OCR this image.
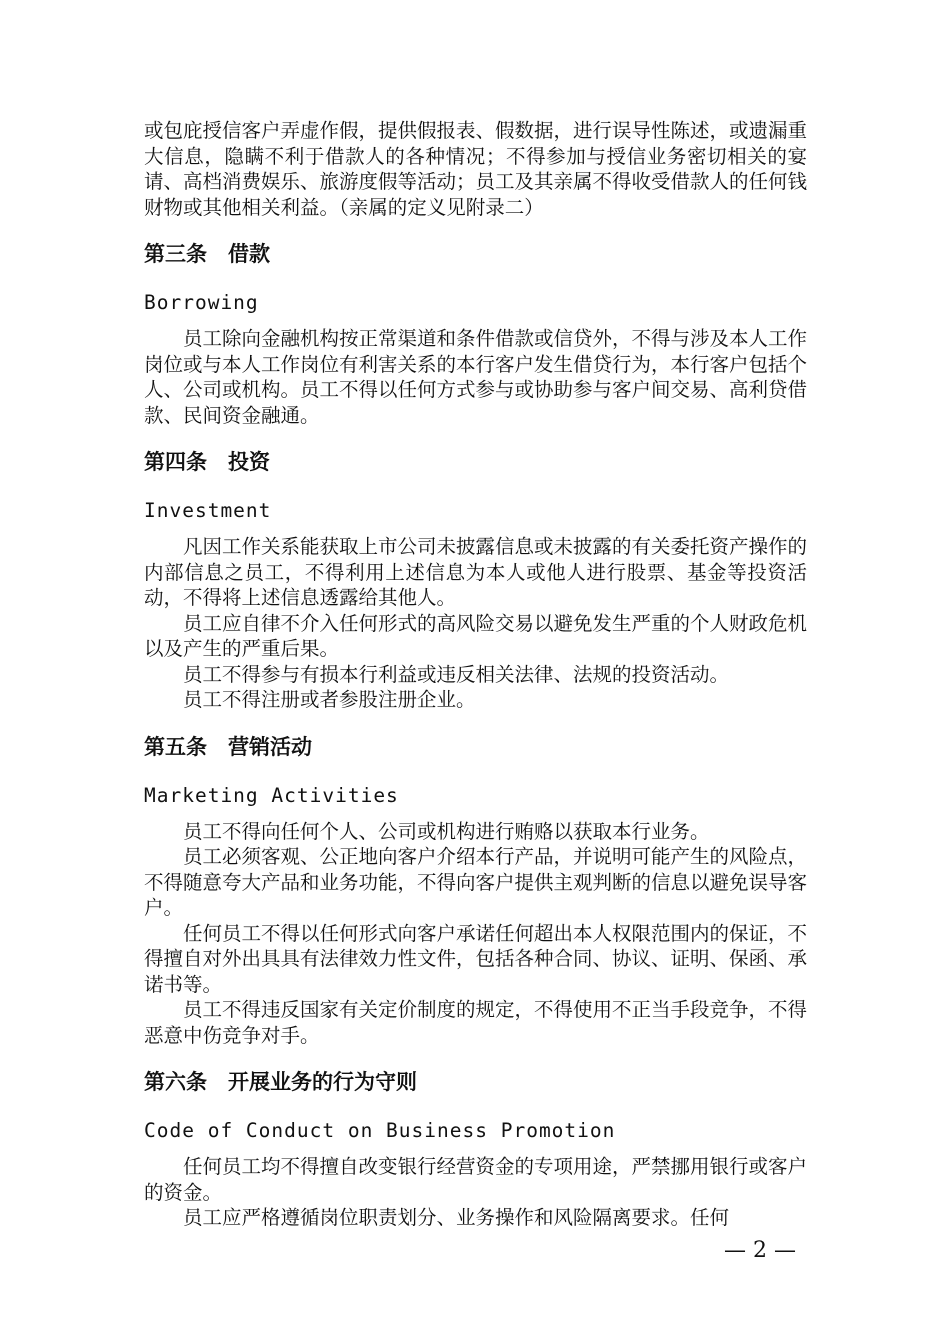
或包庇授信客户弄虚作假，提供假报表、假数据，进行误导性陈述，或遗漏重大信息，隐瞒不利于借款人的各种情况；不得参加与授信业务密切相关的宴请、高档消费娱乐、旅游度假等活动；员工及其亲属不得收受借款人的任何钱财物或其他相关利益。（亲属的定义见附录二）

第三条　借款
Borrowing

员工除向金融机构按正常渠道和条件借款或信贷外，不得与涉及本人工作岗位或与本人工作岗位有利害关系的本行客户发生借贷行为，本行客户包括个人、公司或机构。员工不得以任何方式参与或协助参与客户间交易、高利贷借款、民间资金融通。

第四条　投资
Investment

凡因工作关系能获取上市公司未披露信息或未披露的有关委托资产操作的内部信息之员工，不得利用上述信息为本人或他人进行股票、基金等投资活动，不得将上述信息透露给其他人。

员工应自律不介入任何形式的高风险交易以避免发生严重的个人财政危机以及产生的严重后果。

员工不得参与有损本行利益或违反相关法律、法规的投资活动。

员工不得注册或者参股注册企业。

第五条　营销活动
Marketing Activities

员工不得向任何个人、公司或机构进行贿赂以获取本行业务。

员工必须客观、公正地向客户介绍本行产品，并说明可能产生的风险点，不得随意夸大产品和业务功能，不得向客户提供主观判断的信息以避免误导客户。

任何员工不得以任何形式向客户承诺任何超出本人权限范围内的保证，不得擅自对外出具具有法律效力性文件，包括各种合同、协议、证明、保函、承诺书等。

员工不得违反国家有关定价制度的规定，不得使用不正当手段竞争，不得恶意中伤竞争对手。

第六条　开展业务的行为守则
Code of Conduct on Business Promotion

任何员工均不得擅自改变银行经营资金的专项用途，严禁挪用银行或客户的资金。

员工应严格遵循岗位职责划分、业务操作和风险隔离要求。任何

— 2 —
